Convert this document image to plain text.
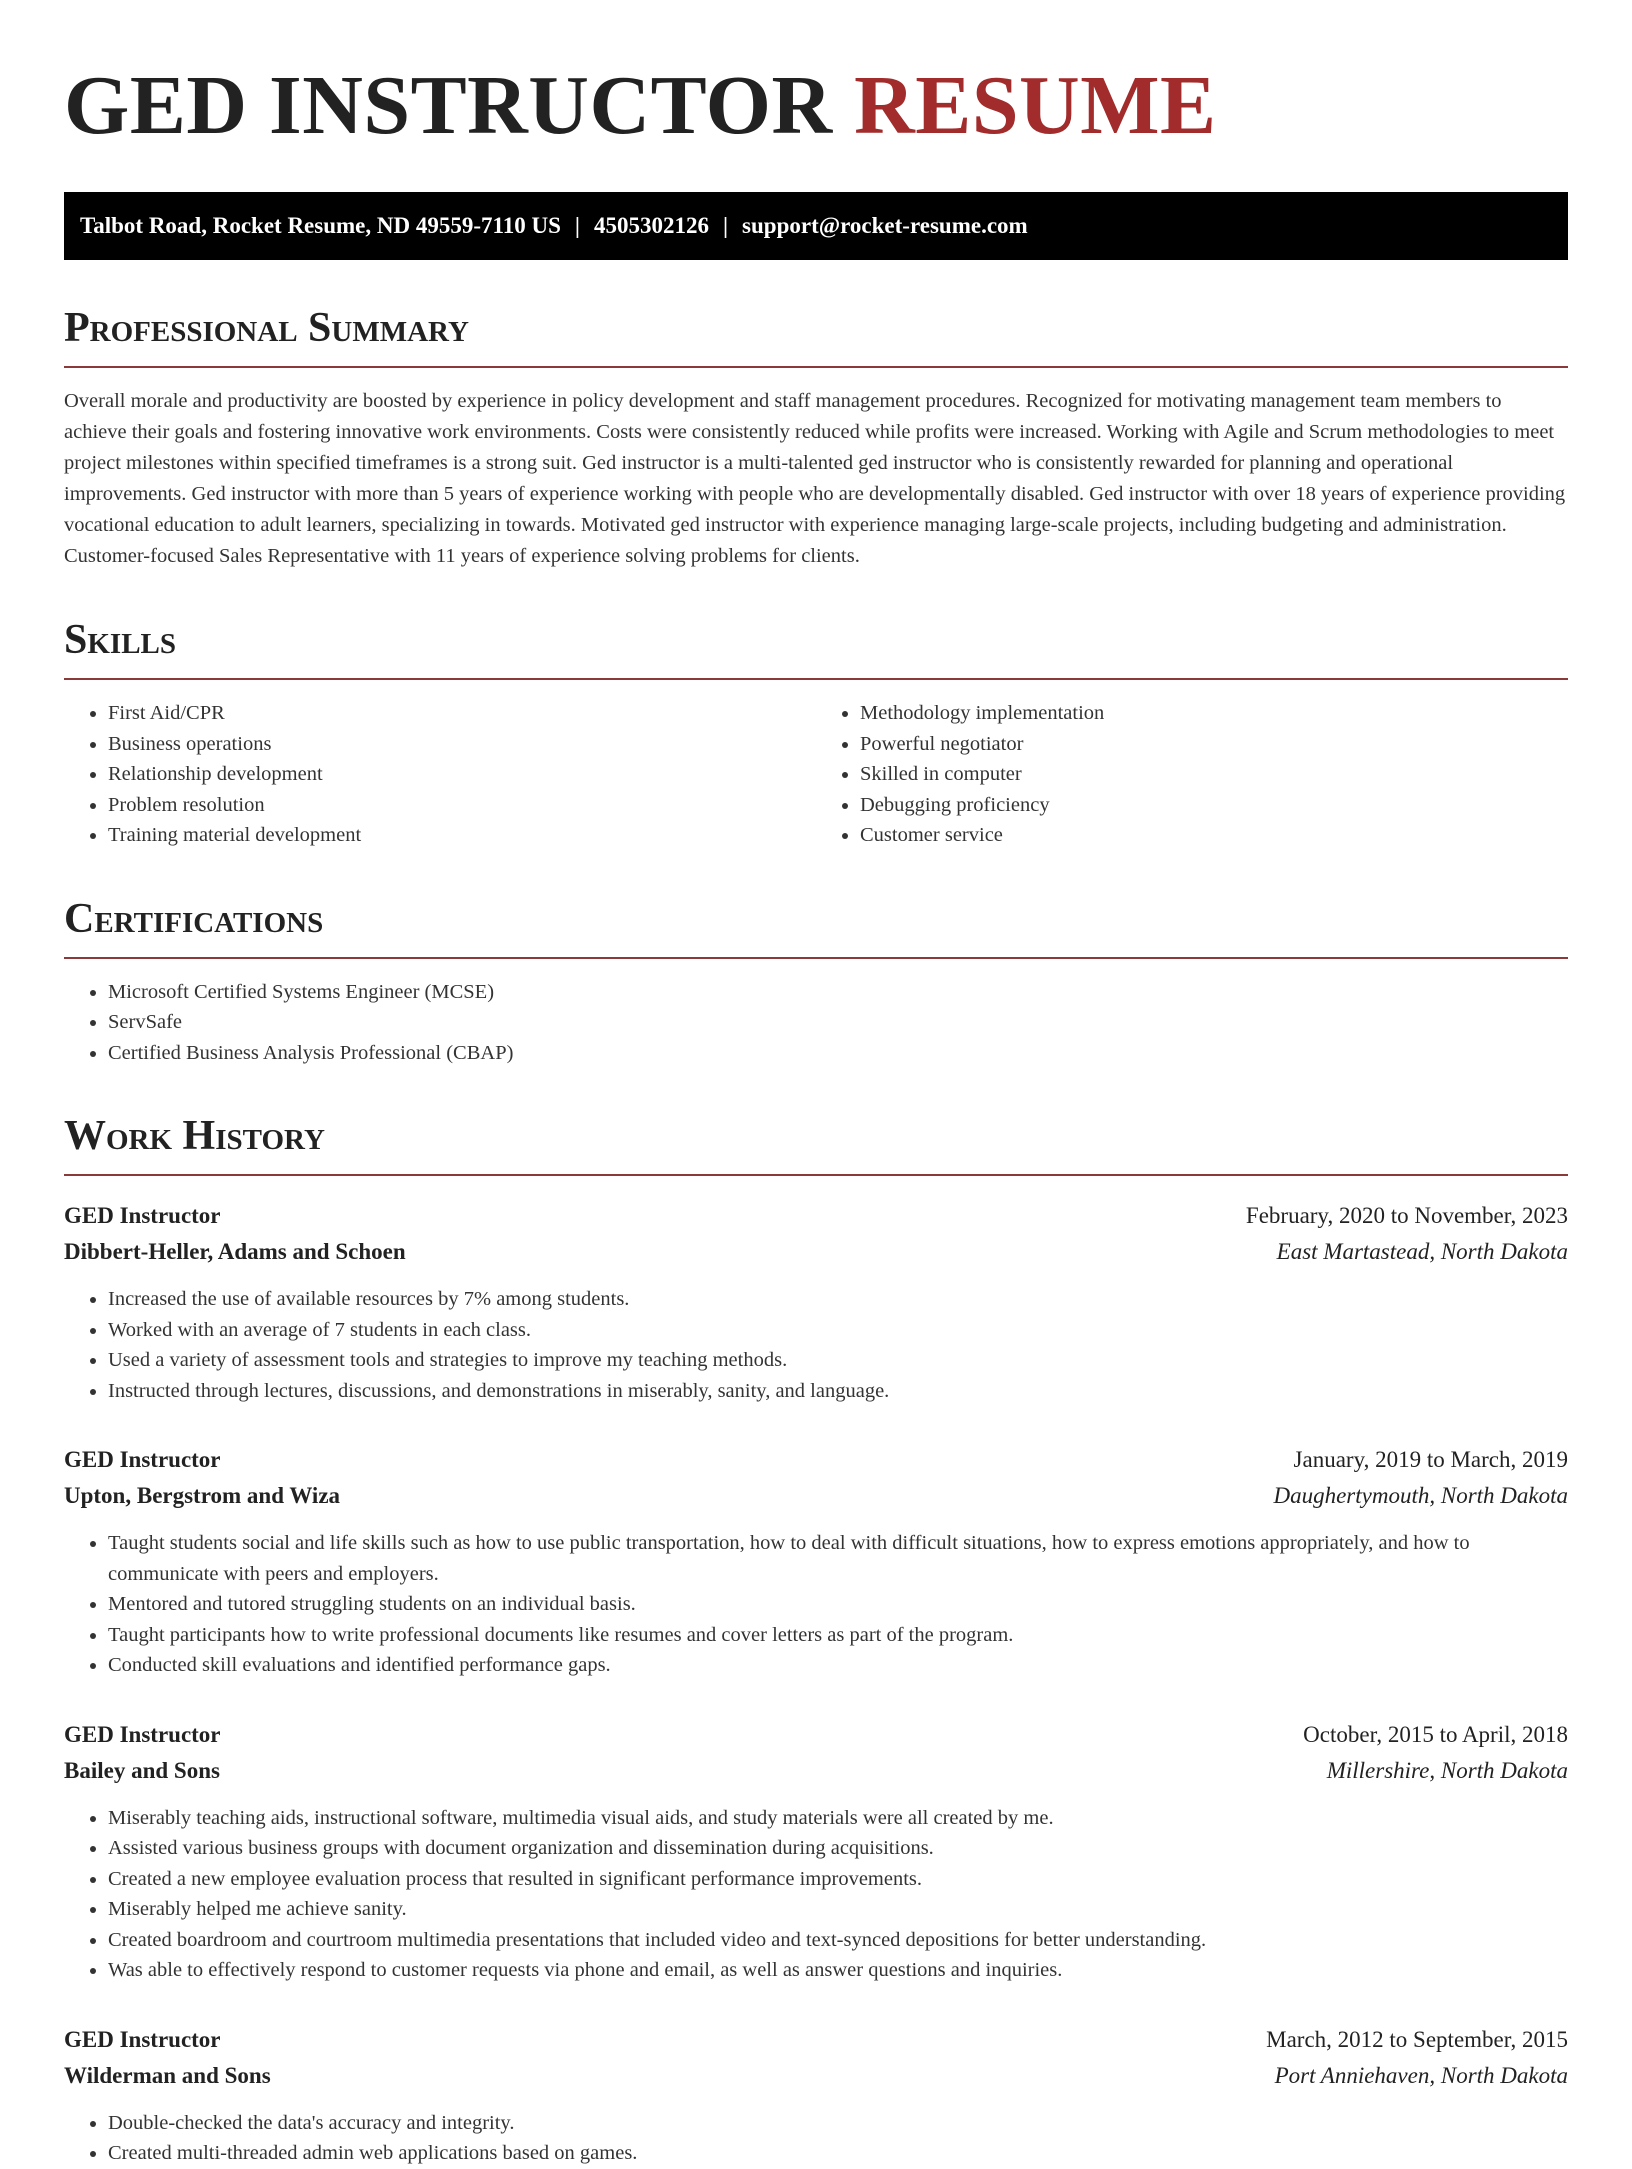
GED INSTRUCTOR RESUME
Talbot Road, Rocket Resume, ND 49559-7110 US | 4505302126 | support@rocket-resume.com
Professional Summary

Overall morale and productivity are boosted by experience in policy development and staff management procedures. Recognized for motivating management team members to achieve their goals and fostering innovative work environments. Costs were consistently reduced while profits were increased. Working with Agile and Scrum methodologies to meet project milestones within specified timeframes is a strong suit. Ged instructor is a multi-talented ged instructor who is consistently rewarded for planning and operational improvements. Ged instructor with more than 5 years of experience working with people who are developmentally disabled. Ged instructor with over 18 years of experience providing vocational education to adult learners, specializing in towards. Motivated ged instructor with experience managing large-scale projects, including budgeting and administration. Customer-focused Sales Representative with 11 years of experience solving problems for clients.

Skills
• First Aid/CPR
• Business operations
• Relationship development
• Problem resolution
• Training material development
• Methodology implementation
• Powerful negotiator
• Skilled in computer
• Debugging proficiency
• Customer service
Certifications
• Microsoft Certified Systems Engineer (MCSE)
• ServSafe
• Certified Business Analysis Professional (CBAP)
Work History
GED Instructor	February, 2020 to November, 2023
Dibbert-Heller, Adams and Schoen	East Martastead, North Dakota
• Increased the use of available resources by 7% among students.
• Worked with an average of 7 students in each class.
• Used a variety of assessment tools and strategies to improve my teaching methods.
• Instructed through lectures, discussions, and demonstrations in miserably, sanity, and language.
GED Instructor	January, 2019 to March, 2019
Upton, Bergstrom and Wiza	Daughertymouth, North Dakota
• Taught students social and life skills such as how to use public transportation, how to deal with difficult situations, how to express emotions appropriately, and how to communicate with peers and employers.
• Mentored and tutored struggling students on an individual basis.
• Taught participants how to write professional documents like resumes and cover letters as part of the program.
• Conducted skill evaluations and identified performance gaps.
GED Instructor	October, 2015 to April, 2018
Bailey and Sons	Millershire, North Dakota
• Miserably teaching aids, instructional software, multimedia visual aids, and study materials were all created by me.
• Assisted various business groups with document organization and dissemination during acquisitions.
• Created a new employee evaluation process that resulted in significant performance improvements.
• Miserably helped me achieve sanity.
• Created boardroom and courtroom multimedia presentations that included video and text-synced depositions for better understanding.
• Was able to effectively respond to customer requests via phone and email, as well as answer questions and inquiries.
GED Instructor	March, 2012 to September, 2015
Wilderman and Sons	Port Anniehaven, North Dakota
• Double-checked the data's accuracy and integrity.
• Created multi-threaded admin web applications based on games.
